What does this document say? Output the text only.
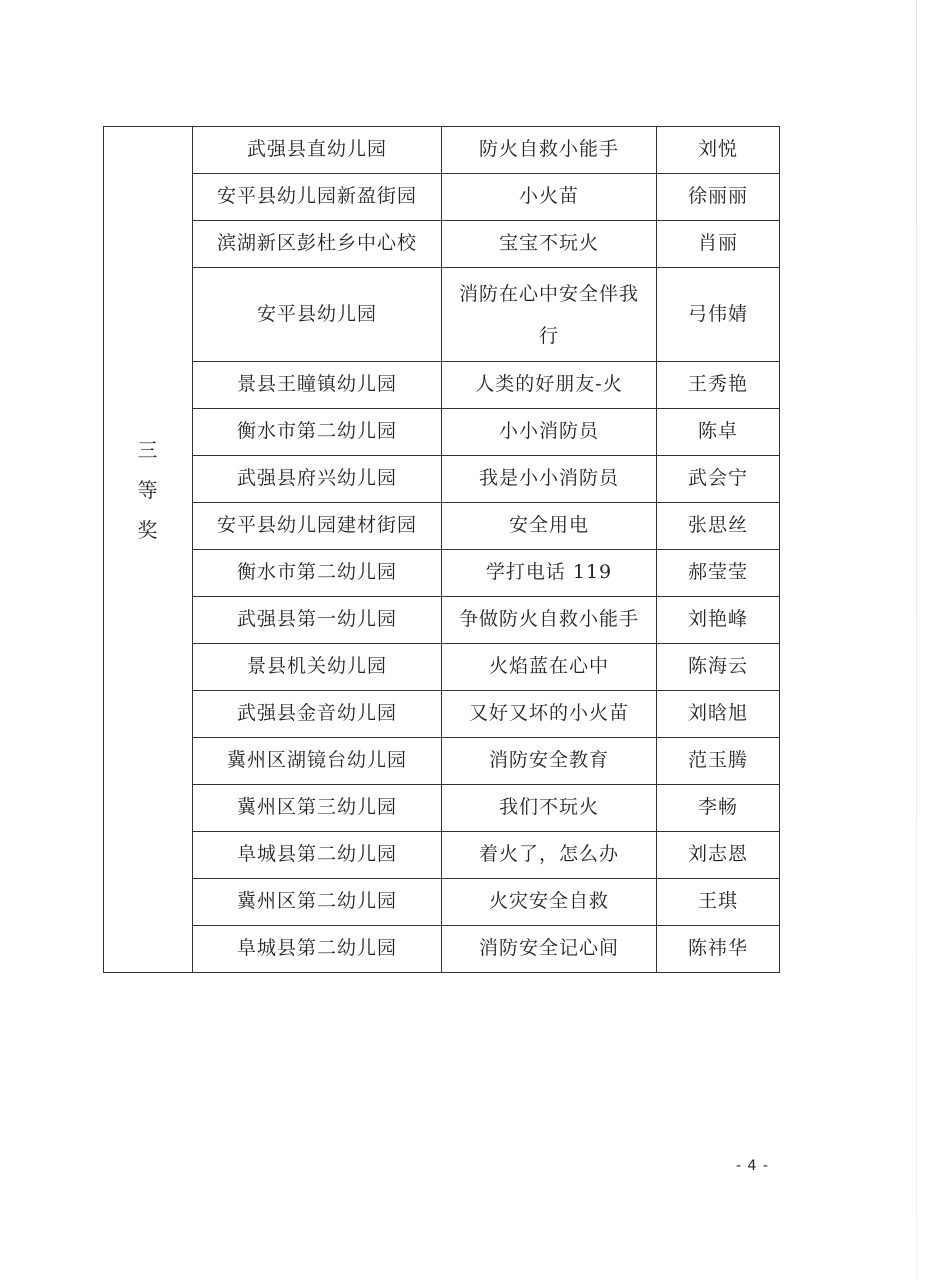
三等奖	武强县直幼儿园	防火自救小能手	刘悦
	安平县幼儿园新盈街园	小火苗	徐丽丽
	滨湖新区彭杜乡中心校	宝宝不玩火	肖丽
	安平县幼儿园	消防在心中安全伴我行	弓伟婧
	景县王瞳镇幼儿园	人类的好朋友-火	王秀艳
	衡水市第二幼儿园	小小消防员	陈卓
	武强县府兴幼儿园	我是小小消防员	武会宁
	安平县幼儿园建材街园	安全用电	张思丝
	衡水市第二幼儿园	学打电话 119	郝莹莹
	武强县第一幼儿园	争做防火自救小能手	刘艳峰
	景县机关幼儿园	火焰蓝在心中	陈海云
	武强县金音幼儿园	又好又坏的小火苗	刘晗旭
	冀州区湖镜台幼儿园	消防安全教育	范玉腾
	冀州区第三幼儿园	我们不玩火	李畅
	阜城县第二幼儿园	着火了，怎么办	刘志恩
	冀州区第二幼儿园	火灾安全自救	王琪
	阜城县第二幼儿园	消防安全记心间	陈祎华
- 4 -
